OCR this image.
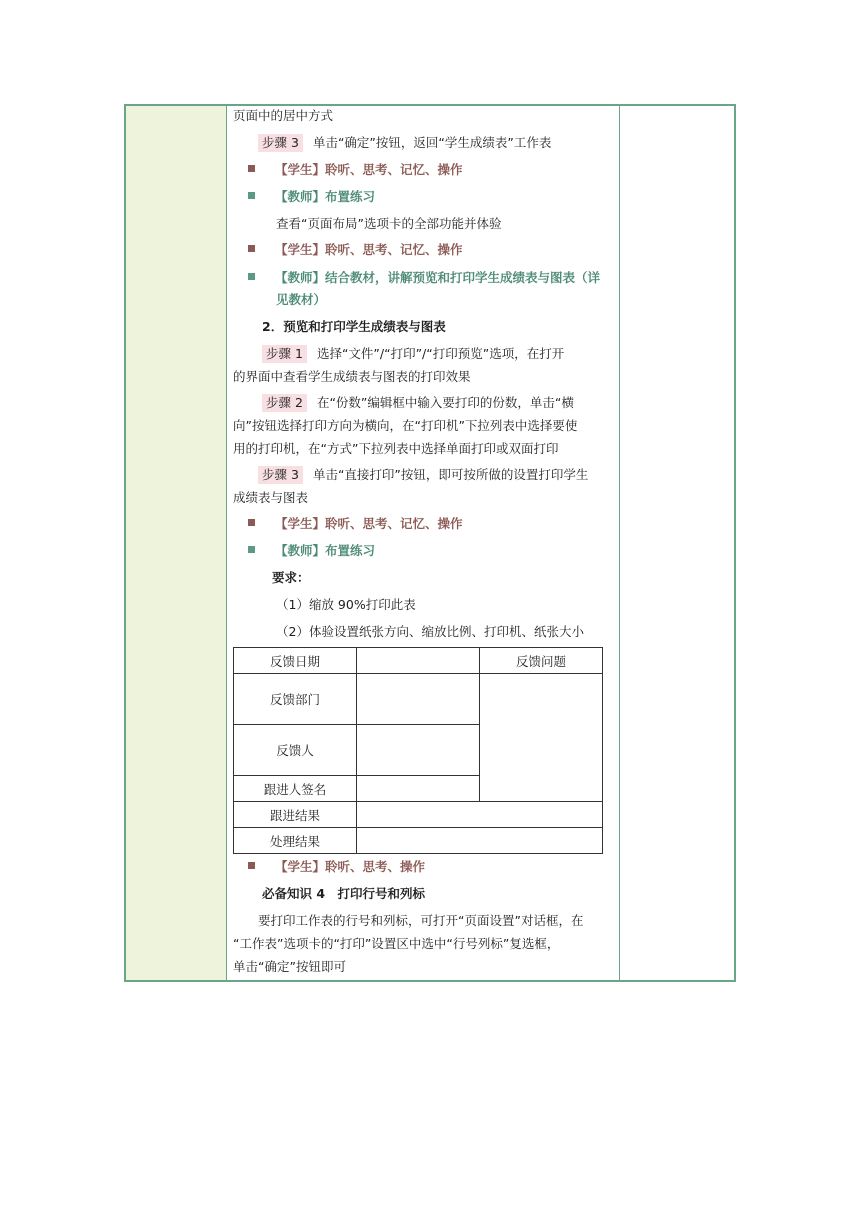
页面中的居中方式
步骤 3 单击“确定”按钮，返回“学生成绩表”工作表
【学生】聆听、思考、记忆、操作
【教师】布置练习
查看“页面布局”选项卡的全部功能并体验
【学生】聆听、思考、记忆、操作
【教师】结合教材，讲解预览和打印学生成绩表与图表（详
见教材）
2．预览和打印学生成绩表与图表
步骤 1 选择“文件”/“打印”/“打印预览”选项，在打开
的界面中查看学生成绩表与图表的打印效果
步骤 2 在“份数”编辑框中输入要打印的份数，单击“横
向”按钮选择打印方向为横向，在“打印机”下拉列表中选择要使
用的打印机，在“方式”下拉列表中选择单面打印或双面打印
步骤 3 单击“直接打印”按钮，即可按所做的设置打印学生
成绩表与图表
【学生】聆听、思考、记忆、操作
【教师】布置练习
要求：
（1）缩放 90%打印此表
（2）体验设置纸张方向、缩放比例、打印机、纸张大小
反馈日期		反馈问题
反馈部门		
反馈人		
跟进人签名		
跟进结果		
处理结果		
【学生】聆听、思考、操作
必备知识 4　打印行号和列标
要打印工作表的行号和列标，可打开“页面设置”对话框，在
“工作表”选项卡的“打印”设置区中选中“行号列标”复选框，
单击“确定”按钮即可
